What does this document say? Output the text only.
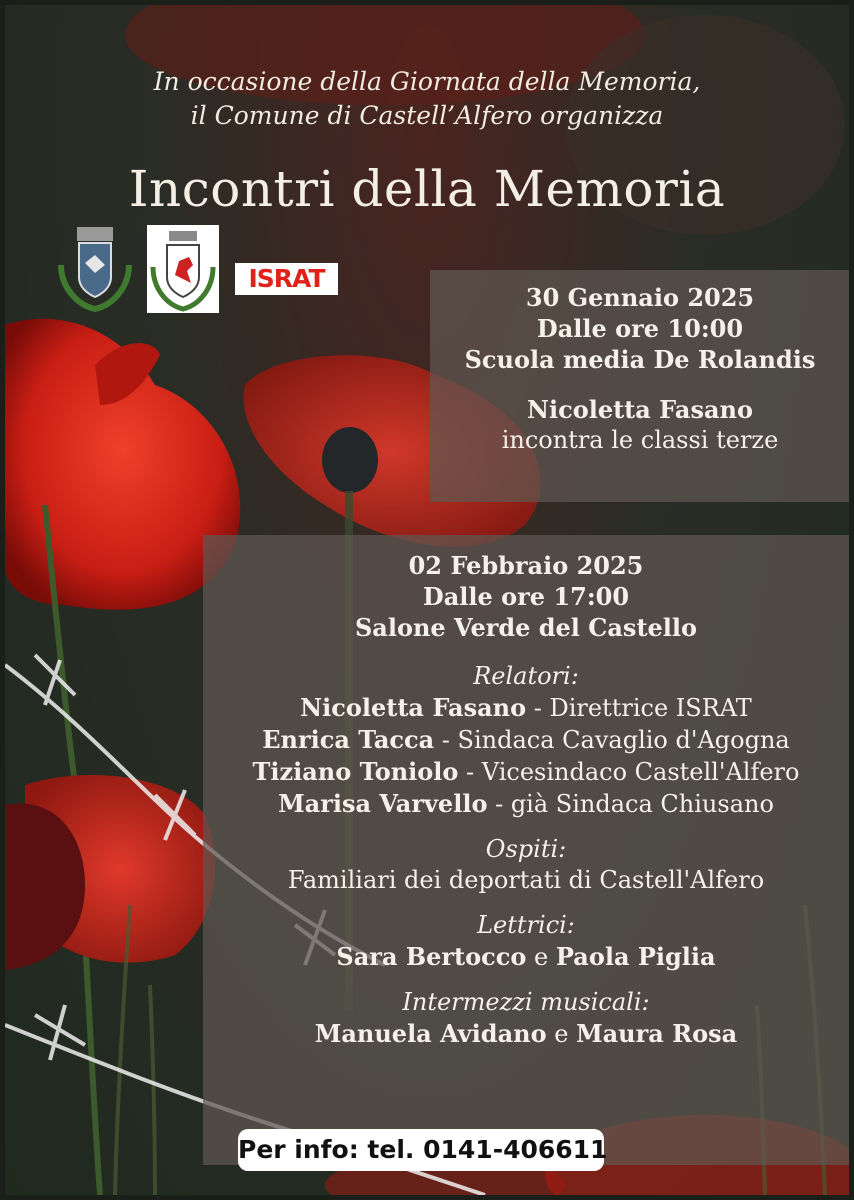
In occasione della Giornata della Memoria,
il Comune di Castell’Alfero organizza
Incontri della Memoria
ISRAT
30 Gennaio 2025
Dalle ore 10:00
Scuola media De Rolandis
Nicoletta Fasano
incontra le classi terze
02 Febbraio 2025
Dalle ore 17:00
Salone Verde del Castello
Relatori:
Nicoletta Fasano - Direttrice ISRAT
Enrica Tacca - Sindaca Cavaglio d'Agogna
Tiziano Toniolo - Vicesindaco Castell'Alfero
Marisa Varvello - già Sindaca Chiusano
Ospiti:
Familiari dei deportati di Castell'Alfero
Lettrici:
Sara Bertocco e Paola Piglia
Intermezzi musicali:
Manuela Avidano e Maura Rosa
Per info: tel. 0141-406611
